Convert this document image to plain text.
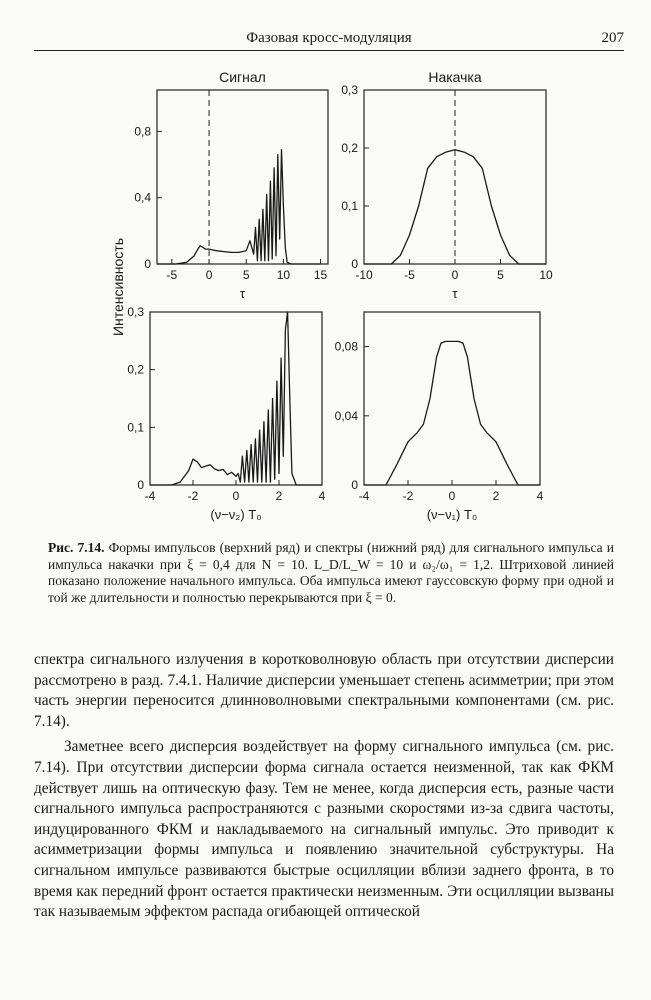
Фазовая кросс-модуляция	207
-5 0	5 10 15
0
0,4
0,8
Сигнал
τ
Интенсивность	-10	-5	0	5	10
0
0,1
0,2
0,3
Накачка
τ
-4	-2	0	2	4
0
0,1
0,2
0,3
(ν−ν₂) T₀
-4	-2	0	2	4
0
0,04
0,08
(ν−ν₁) T₀
Рис. 7.14. Формы импульсов (верхний ряд) и спектры (нижний ряд) для сигнального импульса и импульса накачки при ξ = 0,4 для N = 10. L_D/L_W = 10 и ω₂/ω₁ = 1,2. Штриховой линией показано положение начального импульса. Оба импульса имеют гауссовскую форму при одной и той же длительности и полностью перекрываются при ξ = 0.

спектра сигнального излучения в коротковолновую область при отсутствии дисперсии рассмотрено в разд. 7.4.1. Наличие дисперсии уменьшает степень асимметрии; при этом часть энергии переносится длинноволновыми спектральными компонентами (см. рис. 7.14).

Заметнее всего дисперсия воздействует на форму сигнального импульса (см. рис. 7.14). При отсутствии дисперсии форма сигнала остается неизменной, так как ФКМ действует лишь на оптическую фазу. Тем не менее, когда дисперсия есть, разные части сигнального импульса распространяются с разными скоростями из-за сдвига частоты, индуцированного ФКМ и накладываемого на сигнальный импульс. Это приводит к асимметризации формы импульса и появлению значительной субструктуры. На сигнальном импульсе развиваются быстрые осцилляции вблизи заднего фронта, в то время как передний фронт остается практически неизменным. Эти осцилляции вызваны так называемым эффектом распада огибающей оптической
